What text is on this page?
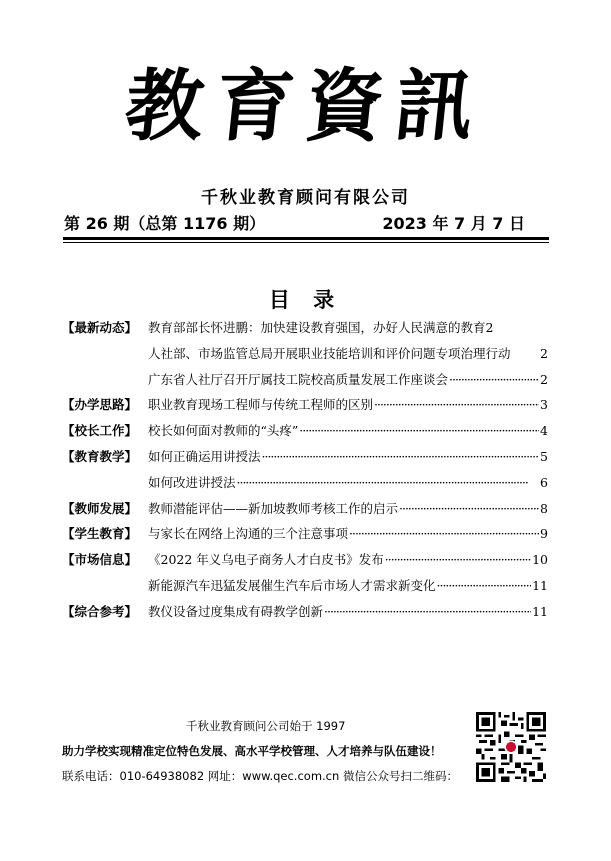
教育資訊
千秋业教育顾问有限公司
第 26 期（总第 1176 期）	2023 年 7 月 7 日
目 录
【最新动态】 教育部部长怀进鹏：加快建设教育强国，办好人民满意的教育 2
人社部、市场监管总局开展职业技能培训和评价问题专项治理行动 2
广东省人社厅召开厅属技工院校高质量发展工作座谈会 ·····	2
【办学思路】 职业教育现场工程师与传统工程师的区别 ·····	3
【校长工作】 校长如何面对教师的“头疼” ·····	4
【教育教学】 如何正确运用讲授法 ·····	5
如何改进讲授法 ·····	6
【教师发展】 教师潜能评估——新加坡教师考核工作的启示 ·····	8
【学生教育】 与家长在网络上沟通的三个注意事项 ·····	9
【市场信息】 《2022 年义乌电子商务人才白皮书》发布 ·····	10
新能源汽车迅猛发展催生汽车后市场人才需求新变化 ·····	11
【综合参考】 教仪设备过度集成有碍教学创新 ·····	11
千秋业教育顾问公司始于 1997
助力学校实现精准定位特色发展、高水平学校管理、人才培养与队伍建设！
联系电话：010-64938082 网址：www.qec.com.cn 微信公众号扫二维码：
